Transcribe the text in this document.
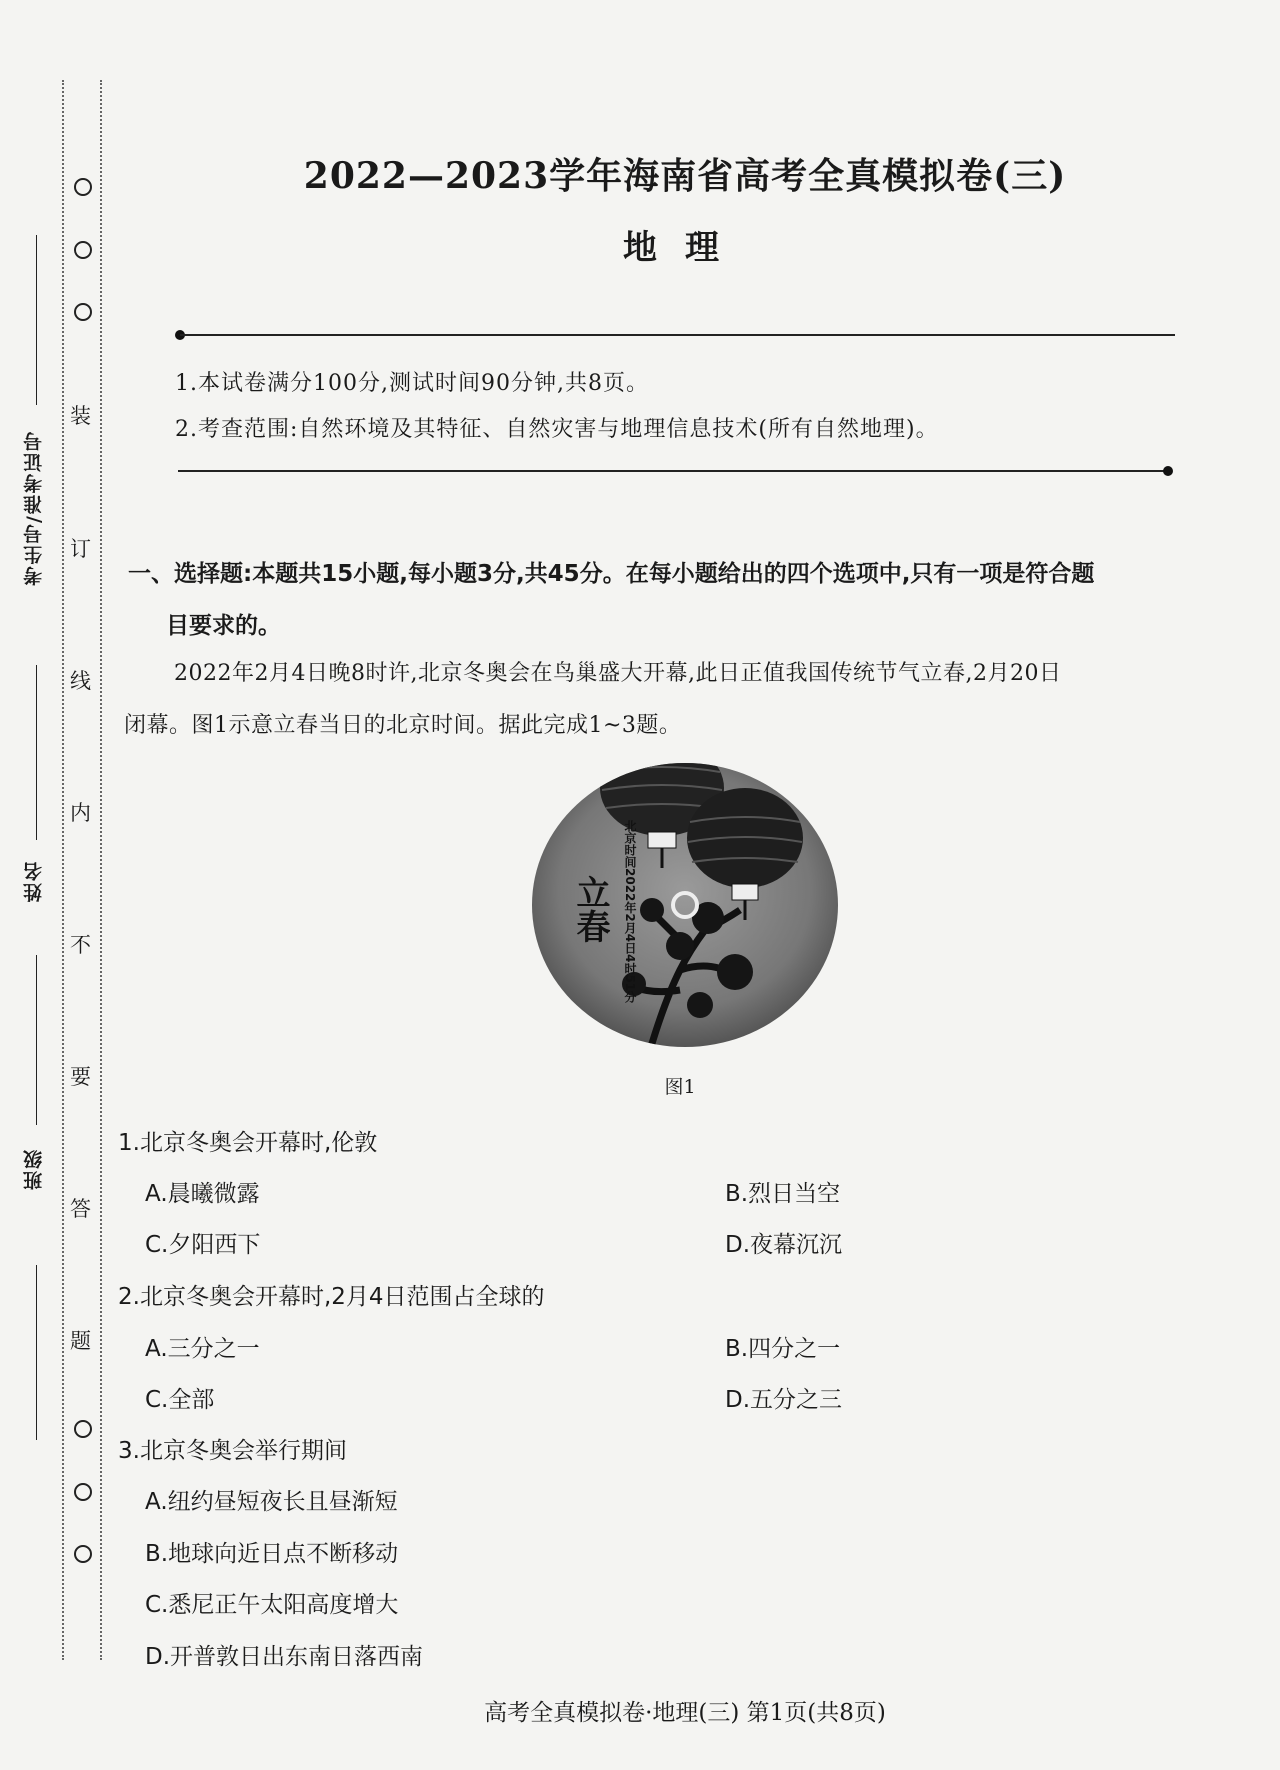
考生号/准考证号
姓名
班级
装
订
线
内
不
要
答
题
2022—2023学年海南省高考全真模拟卷(三)
地理
1.本试卷满分100分,测试时间90分钟,共8页。
2.考查范围:自然环境及其特征、自然灾害与地理信息技术(所有自然地理)。
一、选择题:本题共15小题,每小题3分,共45分。在每小题给出的四个选项中,只有一项是符合题
目要求的。
2022年2月4日晚8时许,北京冬奥会在鸟巢盛大开幕,此日正值我国传统节气立春,2月20日
闭幕。图1示意立春当日的北京时间。据此完成1~3题。
立春 北京时间2022年2月4日4时51分
图1
1.北京冬奥会开幕时,伦敦
A.晨曦微露	B.烈日当空
C.夕阳西下	D.夜幕沉沉
2.北京冬奥会开幕时,2月4日范围占全球的
A.三分之一	B.四分之一
C.全部	D.五分之三
3.北京冬奥会举行期间
A.纽约昼短夜长且昼渐短
B.地球向近日点不断移动
C.悉尼正午太阳高度增大
D.开普敦日出东南日落西南
高考全真模拟卷·地理(三) 第1页(共8页)
